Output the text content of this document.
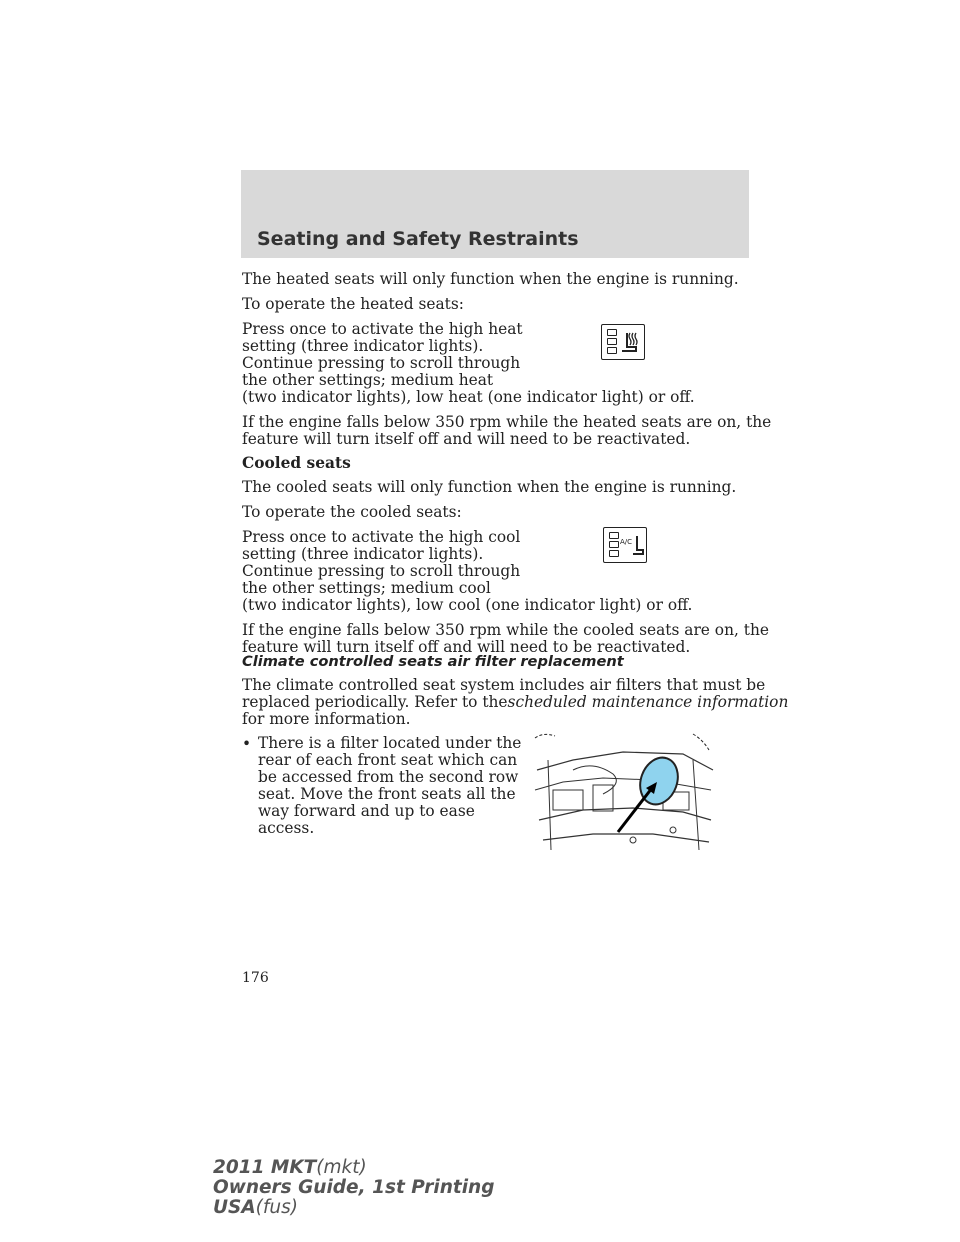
Seating and Safety Restraints
The heated seats will only function when the engine is running.
To operate the heated seats:
Press once to activate the high heat
setting (three indicator lights).
Continue pressing to scroll through
the other settings; medium heat
(two indicator lights), low heat (one indicator light) or off.
If the engine falls below 350 rpm while the heated seats are on, the
feature will turn itself off and will need to be reactivated.
Cooled seats
The cooled seats will only function when the engine is running.
To operate the cooled seats:
Press once to activate the high cool
setting (three indicator lights).
Continue pressing to scroll through
the other settings; medium cool
(two indicator lights), low cool (one indicator light) or off.
A/C
If the engine falls below 350 rpm while the cooled seats are on, the
feature will turn itself off and will need to be reactivated.
Climate controlled seats air filter replacement
The climate controlled seat system includes air filters that must be
replaced periodically. Refer to thescheduled maintenance information
for more information.
• There is a filter located under the
rear of each front seat which can
be accessed from the second row
seat. Move the front seats all the
way forward and up to ease
access.
176
2011 MKT(mkt)
Owners Guide, 1st Printing
USA(fus)
